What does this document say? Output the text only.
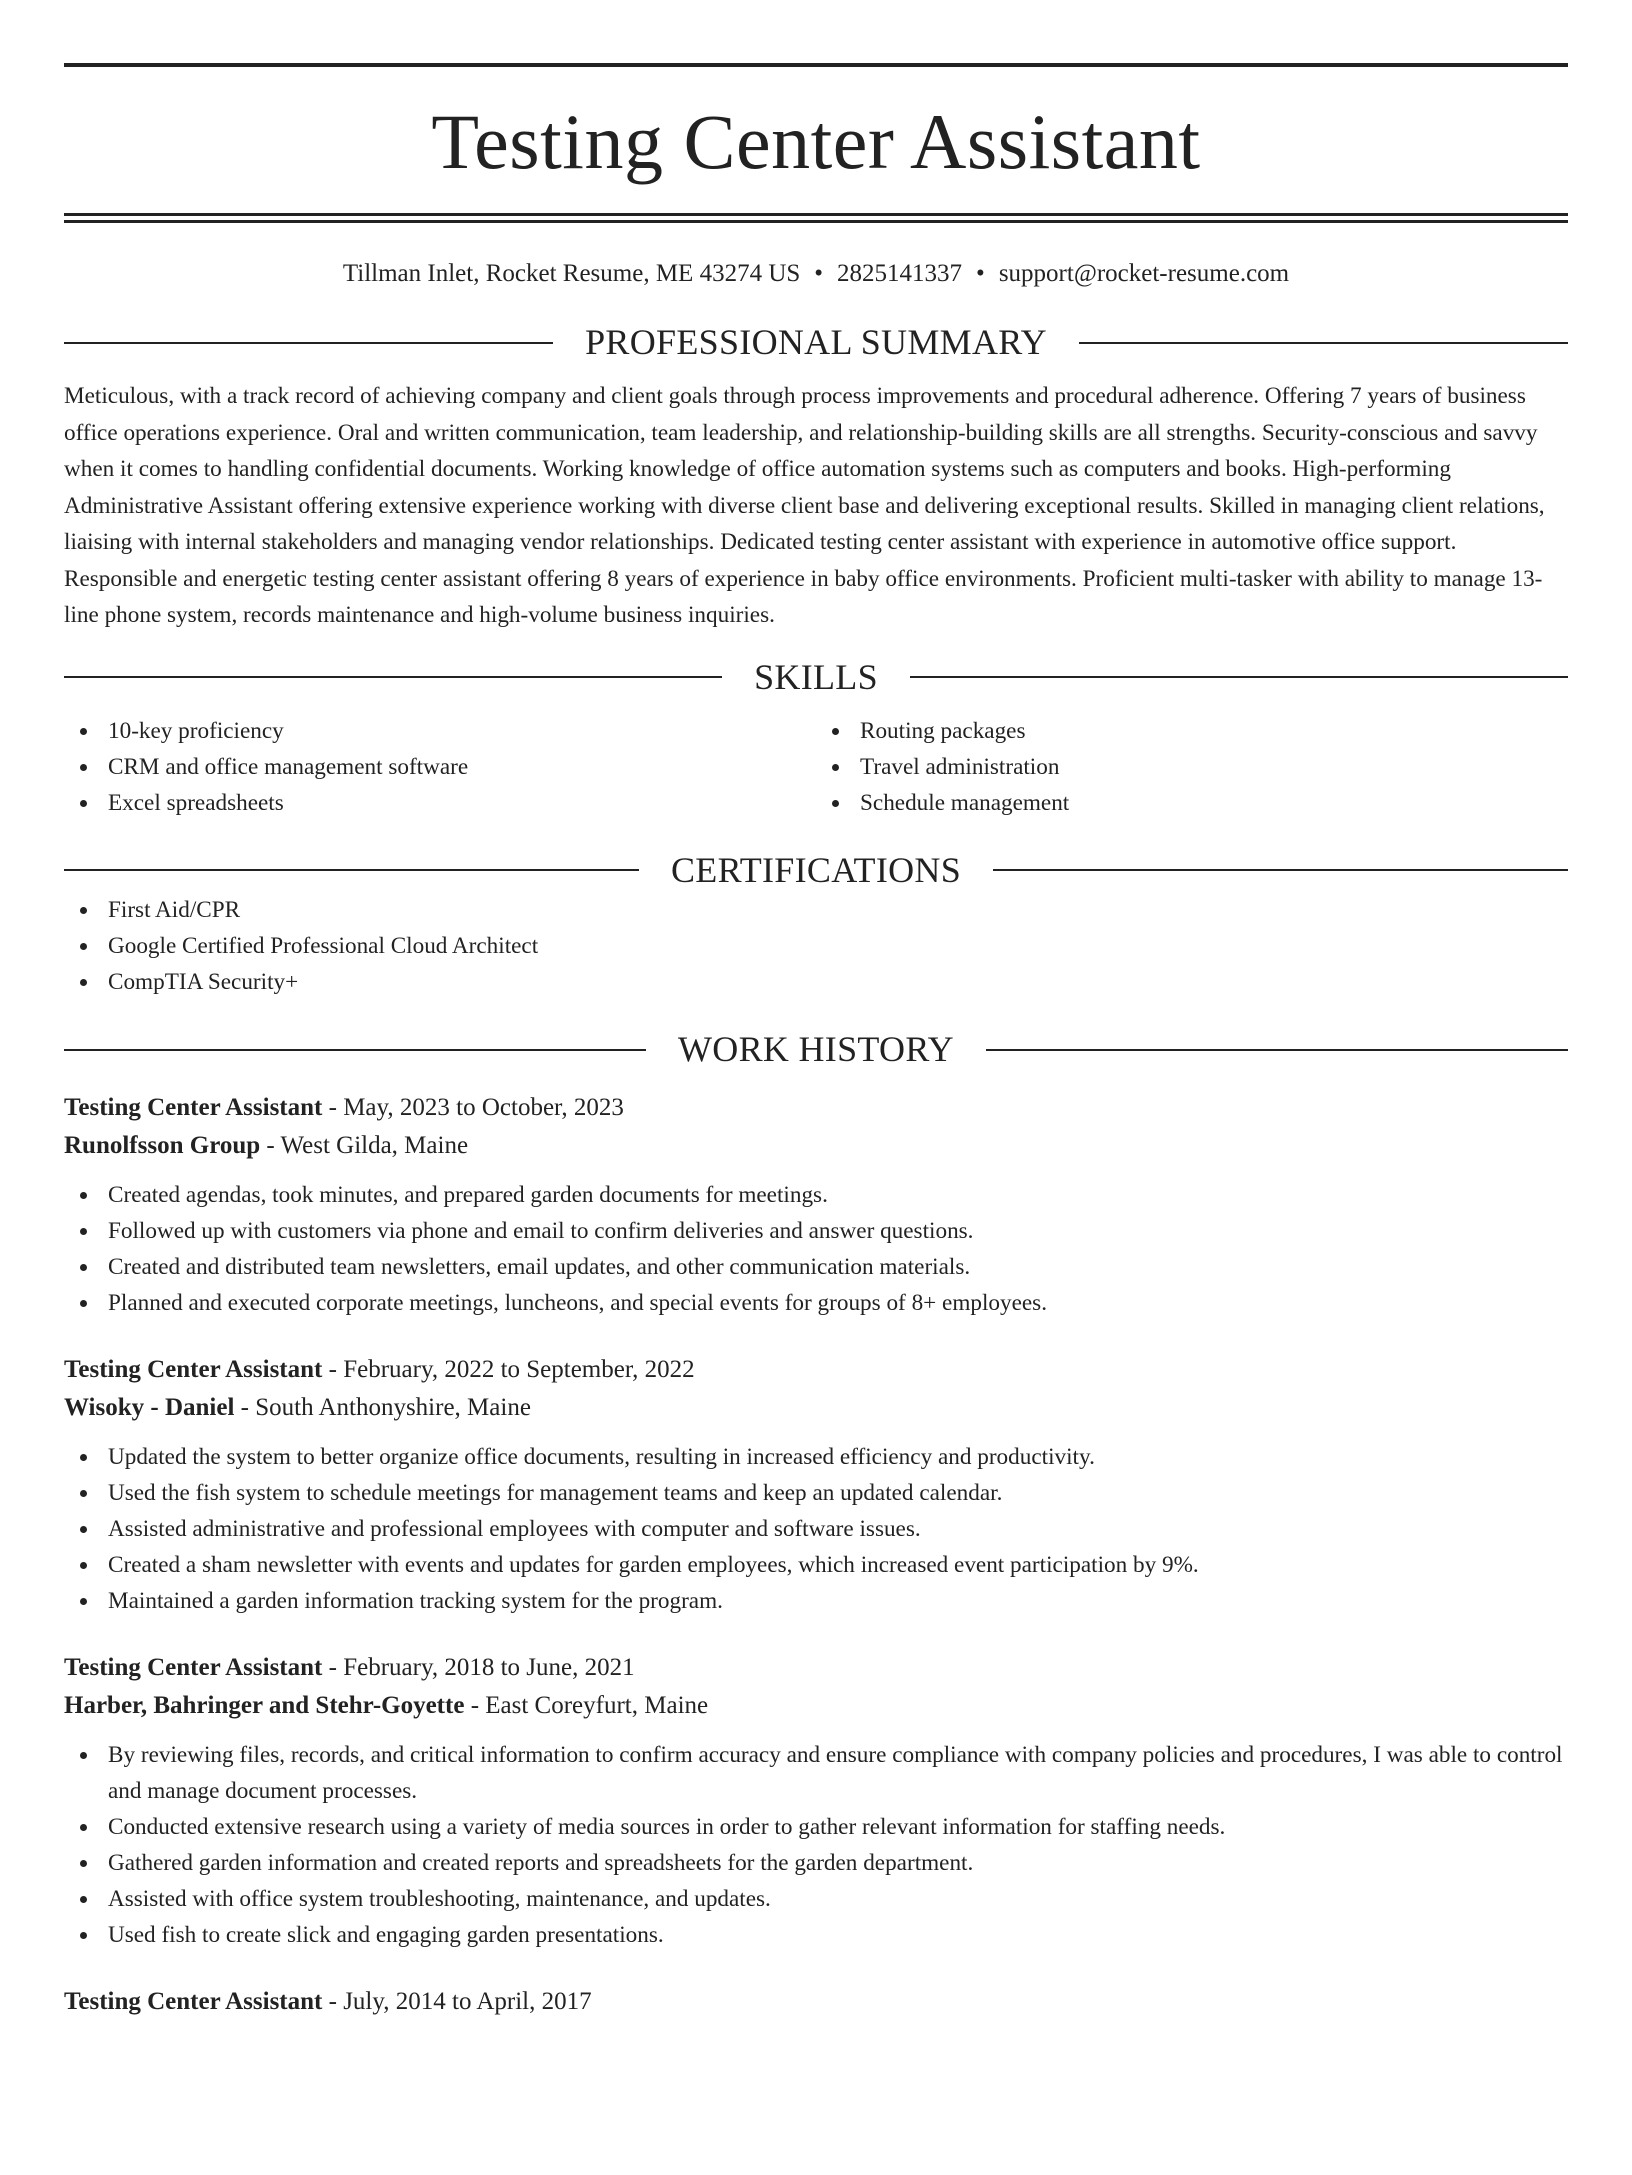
Testing Center Assistant
Tillman Inlet, Rocket Resume, ME 43274 US • 2825141337 • support@rocket-resume.com
PROFESSIONAL SUMMARY

Meticulous, with a track record of achieving company and client goals through process improvements and procedural adherence. Offering 7 years of business office operations experience. Oral and written communication, team leadership, and relationship-building skills are all strengths. Security-conscious and savvy when it comes to handling confidential documents. Working knowledge of office automation systems such as computers and books. High-performing Administrative Assistant offering extensive experience working with diverse client base and delivering exceptional results. Skilled in managing client relations, liaising with internal stakeholders and managing vendor relationships. Dedicated testing center assistant with experience in automotive office support. Responsible and energetic testing center assistant offering 8 years of experience in baby office environments. Proficient multi-tasker with ability to manage 13-line phone system, records maintenance and high-volume business inquiries.

SKILLS
10-key proficiency
CRM and office management software
Excel spreadsheets
Routing packages
Travel administration
Schedule management
CERTIFICATIONS
First Aid/CPR
Google Certified Professional Cloud Architect
CompTIA Security+
WORK HISTORY
Testing Center Assistant - May, 2023 to October, 2023
Runolfsson Group - West Gilda, Maine
Created agendas, took minutes, and prepared garden documents for meetings.
Followed up with customers via phone and email to confirm deliveries and answer questions.
Created and distributed team newsletters, email updates, and other communication materials.
Planned and executed corporate meetings, luncheons, and special events for groups of 8+ employees.
Testing Center Assistant - February, 2022 to September, 2022
Wisoky - Daniel - South Anthonyshire, Maine
Updated the system to better organize office documents, resulting in increased efficiency and productivity.
Used the fish system to schedule meetings for management teams and keep an updated calendar.
Assisted administrative and professional employees with computer and software issues.
Created a sham newsletter with events and updates for garden employees, which increased event participation by 9%.
Maintained a garden information tracking system for the program.
Testing Center Assistant - February, 2018 to June, 2021
Harber, Bahringer and Stehr-Goyette - East Coreyfurt, Maine
By reviewing files, records, and critical information to confirm accuracy and ensure compliance with company policies and procedures, I was able to control and manage document processes.
Conducted extensive research using a variety of media sources in order to gather relevant information for staffing needs.
Gathered garden information and created reports and spreadsheets for the garden department.
Assisted with office system troubleshooting, maintenance, and updates.
Used fish to create slick and engaging garden presentations.
Testing Center Assistant - July, 2014 to April, 2017
